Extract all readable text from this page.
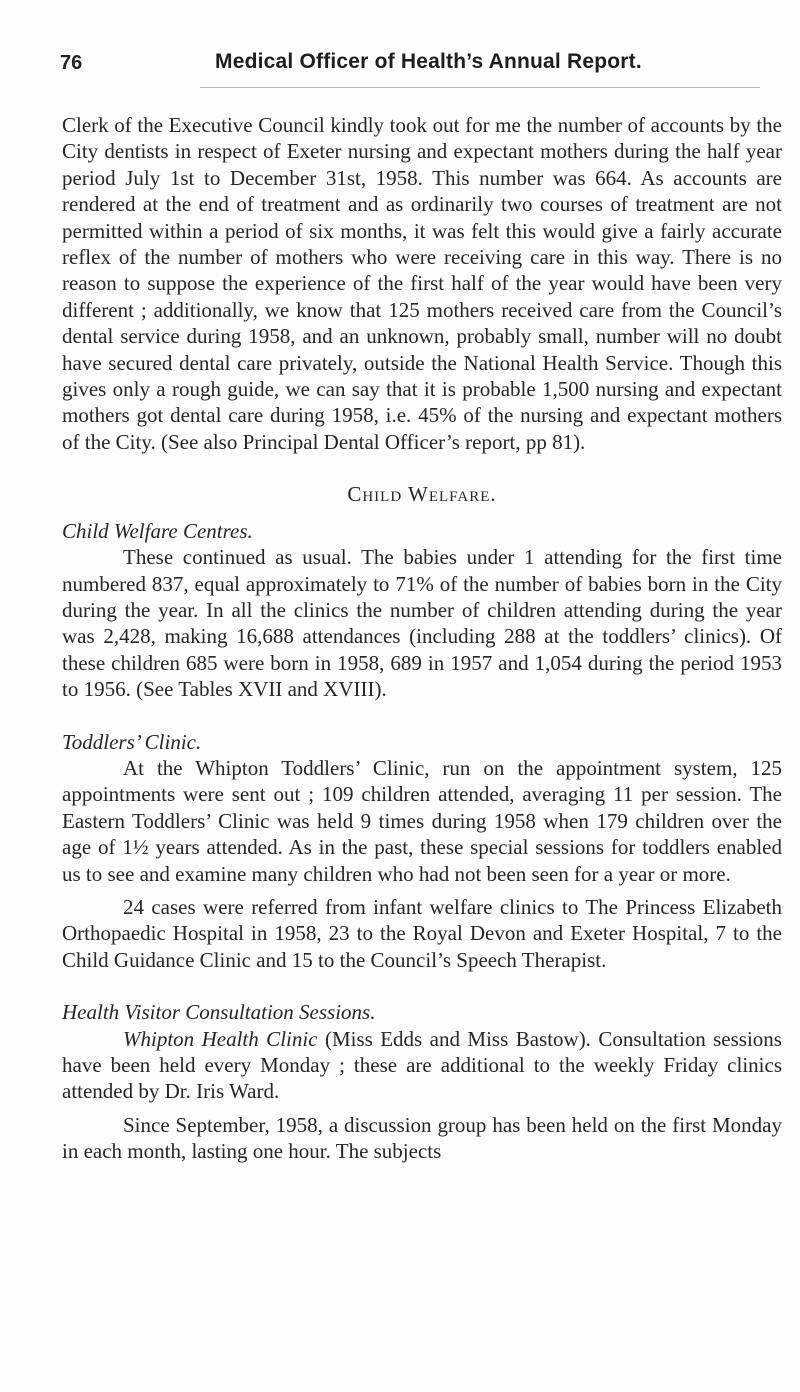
76	Medical Officer of Health’s Annual Report.

Clerk of the Executive Council kindly took out for me the number of accounts by the City dentists in respect of Exeter nursing and expectant mothers during the half year period July 1st to December 31st, 1958. This number was 664. As accounts are rendered at the end of treatment and as ordinarily two courses of treatment are not permitted within a period of six months, it was felt this would give a fairly accurate reflex of the number of mothers who were receiving care in this way. There is no reason to suppose the experience of the first half of the year would have been very different ; additionally, we know that 125 mothers received care from the Council’s dental service during 1958, and an unknown, probably small, number will no doubt have secured dental care privately, outside the National Health Service. Though this gives only a rough guide, we can say that it is probable 1,500 nursing and expectant mothers got dental care during 1958, i.e. 45% of the nursing and expectant mothers of the City. (See also Principal Dental Officer’s report, pp 81).

Child Welfare.

Child Welfare Centres.

These continued as usual. The babies under 1 attending for the first time numbered 837, equal approximately to 71% of the number of babies born in the City during the year. In all the clinics the number of children attending during the year was 2,428, making 16,688 attendances (including 288 at the toddlers’ clinics). Of these children 685 were born in 1958, 689 in 1957 and 1,054 during the period 1953 to 1956. (See Tables XVII and XVIII).

Toddlers’ Clinic.

At the Whipton Toddlers’ Clinic, run on the appointment system, 125 appointments were sent out ; 109 children attended, averaging 11 per session. The Eastern Toddlers’ Clinic was held 9 times during 1958 when 179 children over the age of 1½ years attended. As in the past, these special sessions for toddlers enabled us to see and examine many children who had not been seen for a year or more.

24 cases were referred from infant welfare clinics to The Princess Elizabeth Orthopaedic Hospital in 1958, 23 to the Royal Devon and Exeter Hospital, 7 to the Child Guidance Clinic and 15 to the Council’s Speech Therapist.

Health Visitor Consultation Sessions.

Whipton Health Clinic (Miss Edds and Miss Bastow). Consultation sessions have been held every Monday ; these are additional to the weekly Friday clinics attended by Dr. Iris Ward.

Since September, 1958, a discussion group has been held on the first Monday in each month, lasting one hour. The subjects
